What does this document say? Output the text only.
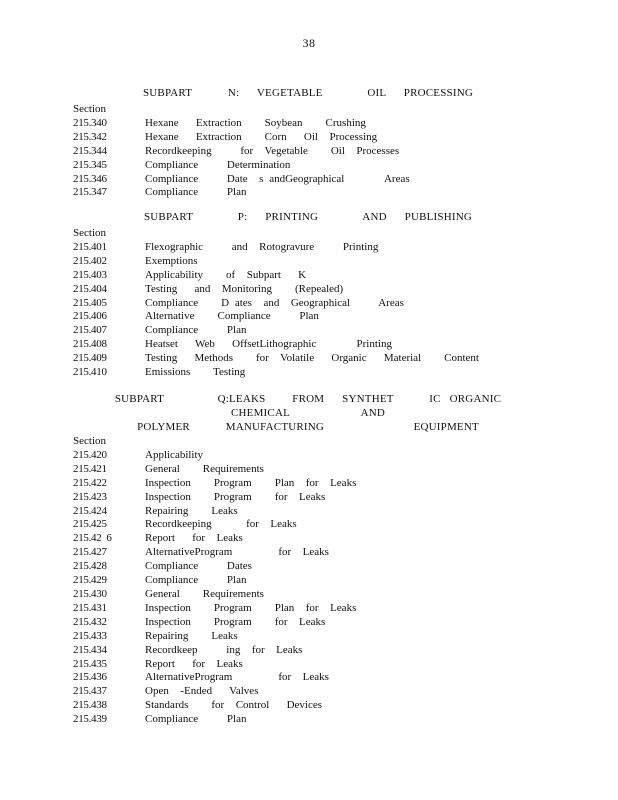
38
SUBPART    N:  VEGETABLE     OIL  PROCESSING
Section
215.340	Hexane   Extraction    Soybean    Crushing
215.342	Hexane   Extraction    Corn   Oil  Processing
215.344	Recordkeeping     for  Vegetable    Oil  Processes
215.345	Compliance     Determination
215.346	Compliance     Date  s andGeographical       Areas
215.347	Compliance     Plan
SUBPART     P:  PRINTING     AND  PUBLISHING
Section
215.401	Flexographic     and  Rotogravure     Printing
215.402	Exemptions
215.403	Applicability    of  Subpart   K
215.404	Testing   and  Monitoring    (Repealed)
215.405	Compliance    D ates  and  Geographical     Areas
215.406	Alternative    Compliance     Plan
215.407	Compliance     Plan
215.408	Heatset   Web   OffsetLithographic       Printing
215.409	Testing   Methods    for  Volatile   Organic   Material    Content
215.410	Emissions    Testing
SUBPART      Q:LEAKS   FROM  SYNTHET    IC ORGANIC      CHEMICAL        AND
POLYMER    MANUFACTURING          EQUIPMENT
Section
215.420	Applicability
215.421	General    Requirements
215.422	Inspection    Program    Plan  for  Leaks
215.423	Inspection    Program    for  Leaks
215.424	Repairing    Leaks
215.425	Recordkeeping      for  Leaks
215.42  6	Report   for  Leaks
215.427	AlternativeProgram        for  Leaks
215.428	Compliance     Dates
215.429	Compliance     Plan
215.430	General    Requirements
215.431	Inspection    Program    Plan  for  Leaks
215.432	Inspection    Program    for  Leaks
215.433	Repairing    Leaks
215.434	Recordkeep     ing  for  Leaks
215.435	Report   for  Leaks
215.436	AlternativeProgram        for  Leaks
215.437	Open  -Ended   Valves
215.438	Standards    for  Control   Devices
215.439	Compliance     Plan
